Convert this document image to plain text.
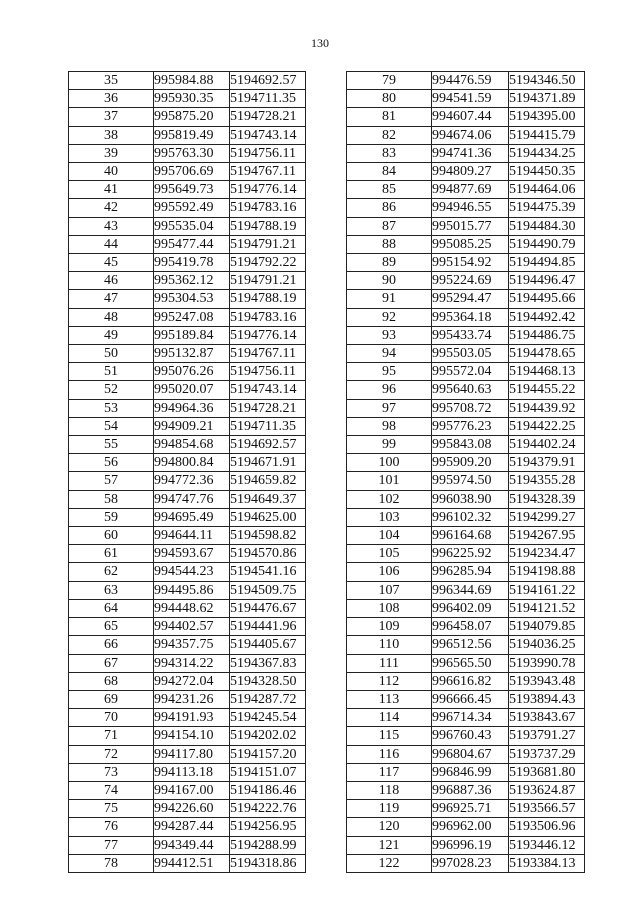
130
35	995984.88	5194692.57
36	995930.35	5194711.35
37	995875.20	5194728.21
38	995819.49	5194743.14
39	995763.30	5194756.11
40	995706.69	5194767.11
41	995649.73	5194776.14
42	995592.49	5194783.16
43	995535.04	5194788.19
44	995477.44	5194791.21
45	995419.78	5194792.22
46	995362.12	5194791.21
47	995304.53	5194788.19
48	995247.08	5194783.16
49	995189.84	5194776.14
50	995132.87	5194767.11
51	995076.26	5194756.11
52	995020.07	5194743.14
53	994964.36	5194728.21
54	994909.21	5194711.35
55	994854.68	5194692.57
56	994800.84	5194671.91
57	994772.36	5194659.82
58	994747.76	5194649.37
59	994695.49	5194625.00
60	994644.11	5194598.82
61	994593.67	5194570.86
62	994544.23	5194541.16
63	994495.86	5194509.75
64	994448.62	5194476.67
65	994402.57	5194441.96
66	994357.75	5194405.67
67	994314.22	5194367.83
68	994272.04	5194328.50
69	994231.26	5194287.72
70	994191.93	5194245.54
71	994154.10	5194202.02
72	994117.80	5194157.20
73	994113.18	5194151.07
74	994167.00	5194186.46
75	994226.60	5194222.76
76	994287.44	5194256.95
77	994349.44	5194288.99
78	994412.51	5194318.86
79	994476.59	5194346.50
80	994541.59	5194371.89
81	994607.44	5194395.00
82	994674.06	5194415.79
83	994741.36	5194434.25
84	994809.27	5194450.35
85	994877.69	5194464.06
86	994946.55	5194475.39
87	995015.77	5194484.30
88	995085.25	5194490.79
89	995154.92	5194494.85
90	995224.69	5194496.47
91	995294.47	5194495.66
92	995364.18	5194492.42
93	995433.74	5194486.75
94	995503.05	5194478.65
95	995572.04	5194468.13
96	995640.63	5194455.22
97	995708.72	5194439.92
98	995776.23	5194422.25
99	995843.08	5194402.24
100	995909.20	5194379.91
101	995974.50	5194355.28
102	996038.90	5194328.39
103	996102.32	5194299.27
104	996164.68	5194267.95
105	996225.92	5194234.47
106	996285.94	5194198.88
107	996344.69	5194161.22
108	996402.09	5194121.52
109	996458.07	5194079.85
110	996512.56	5194036.25
111	996565.50	5193990.78
112	996616.82	5193943.48
113	996666.45	5193894.43
114	996714.34	5193843.67
115	996760.43	5193791.27
116	996804.67	5193737.29
117	996846.99	5193681.80
118	996887.36	5193624.87
119	996925.71	5193566.57
120	996962.00	5193506.96
121	996996.19	5193446.12
122	997028.23	5193384.13
